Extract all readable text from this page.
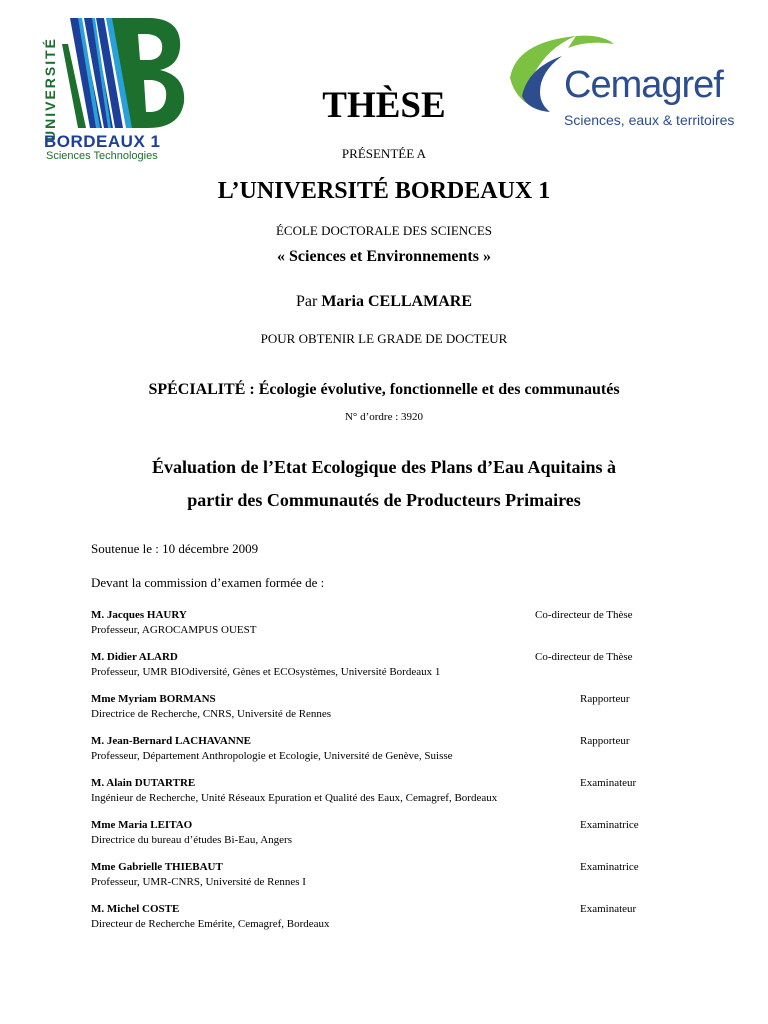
UNIVERSITÉ
BORDEAUX 1
Sciences Technologies
Cemagref
Sciences, eaux & territoires
THÈSE
PRÉSENTÉE A
L’UNIVERSITÉ BORDEAUX 1
ÉCOLE DOCTORALE DES SCIENCES
« Sciences et Environnements »
Par Maria CELLAMARE
POUR OBTENIR LE GRADE DE DOCTEUR
SPÉCIALITÉ : Écologie évolutive, fonctionnelle et des communautés
N° d’ordre : 3920
Évaluation de l’Etat Ecologique des Plans d’Eau Aquitains à
partir des Communautés de Producteurs Primaires
Soutenue le : 10 décembre 2009
Devant la commission d’examen formée de :
M. Jacques HAURY
Professeur, AGROCAMPUS OUEST
Co-directeur de Thèse
M. Didier ALARD
Professeur, UMR BIOdiversité, Gènes et ECOsystèmes, Université Bordeaux 1
Co-directeur de Thèse
Mme Myriam BORMANS
Directrice de Recherche, CNRS, Université de Rennes
Rapporteur
M. Jean-Bernard LACHAVANNE
Professeur, Département Anthropologie et Ecologie, Université de Genève, Suisse
Rapporteur
M. Alain DUTARTRE
Ingénieur de Recherche, Unité Réseaux Epuration et Qualité des Eaux, Cemagref, Bordeaux
Examinateur
Mme Maria LEITAO
Directrice du bureau d’études Bi-Eau, Angers
Examinatrice
Mme Gabrielle THIEBAUT
Professeur, UMR-CNRS, Université de Rennes I
Examinatrice
M. Michel COSTE
Directeur de Recherche Emérite, Cemagref, Bordeaux
Examinateur
